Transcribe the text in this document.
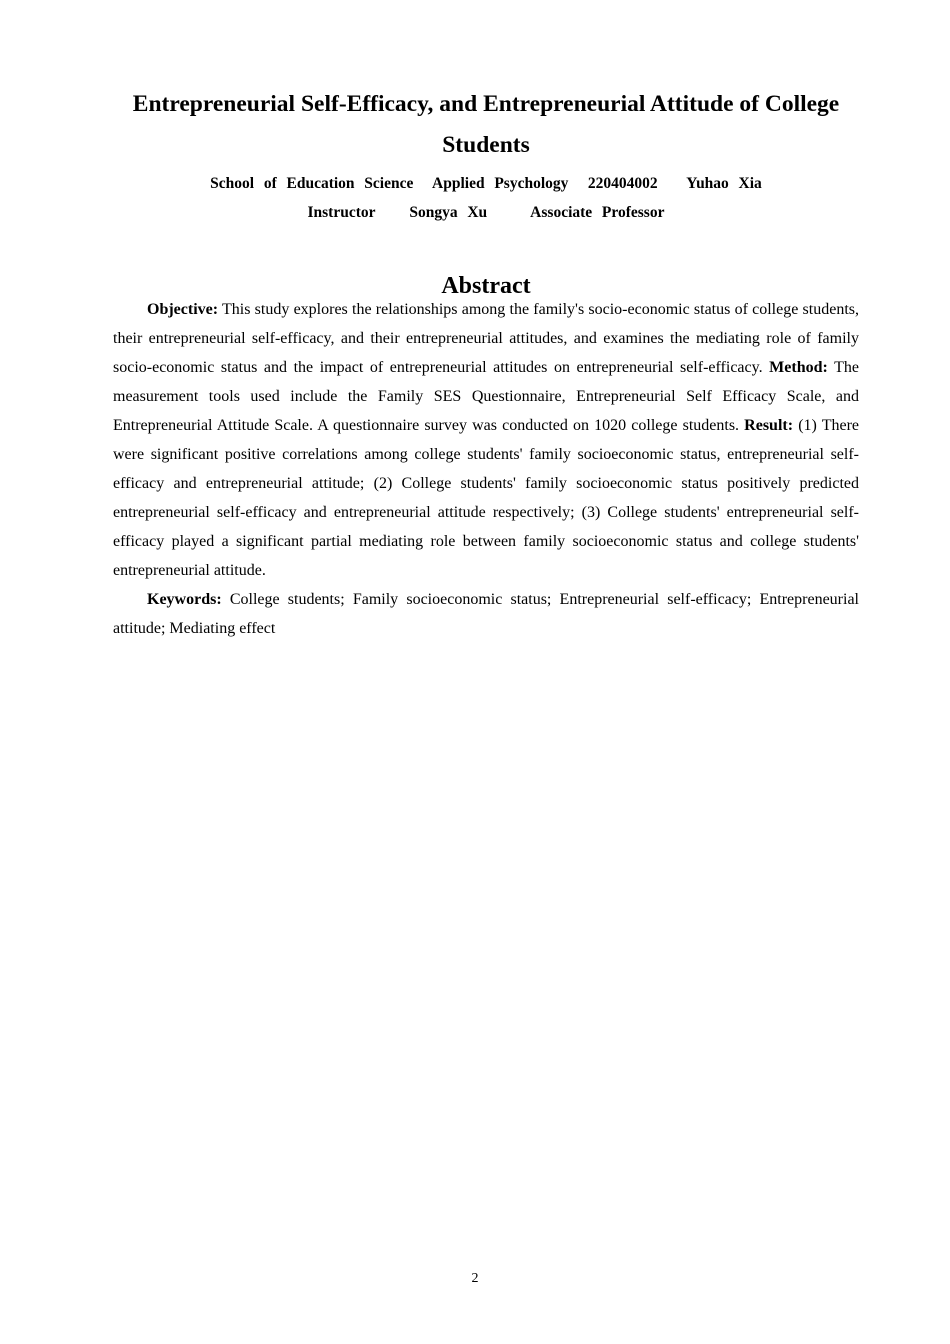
Entrepreneurial Self-Efficacy, and Entrepreneurial Attitude of College Students
School  of  Education  Science    Applied  Psychology    220404002      Yuhao  Xia
Instructor       Songya  Xu         Associate  Professor
Abstract

Objective: This study explores the relationships among the family's socio-economic status of college students, their entrepreneurial self-efficacy, and their entrepreneurial attitudes, and examines the mediating role of family socio-economic status and the impact of entrepreneurial attitudes on entrepreneurial self-efficacy. Method: The measurement tools used include the Family SES Questionnaire, Entrepreneurial Self Efficacy Scale, and Entrepreneurial Attitude Scale. A questionnaire survey was conducted on 1020 college students. Result: (1) There were significant positive correlations among college students' family socioeconomic status, entrepreneurial self-efficacy and entrepreneurial attitude; (2) College students' family socioeconomic status positively predicted entrepreneurial self-efficacy and entrepreneurial attitude respectively; (3) College students' entrepreneurial self-efficacy played a significant partial mediating role between family socioeconomic status and college students' entrepreneurial attitude.

Keywords: College students; Family socioeconomic status; Entrepreneurial self-efficacy; Entrepreneurial attitude; Mediating effect

2
